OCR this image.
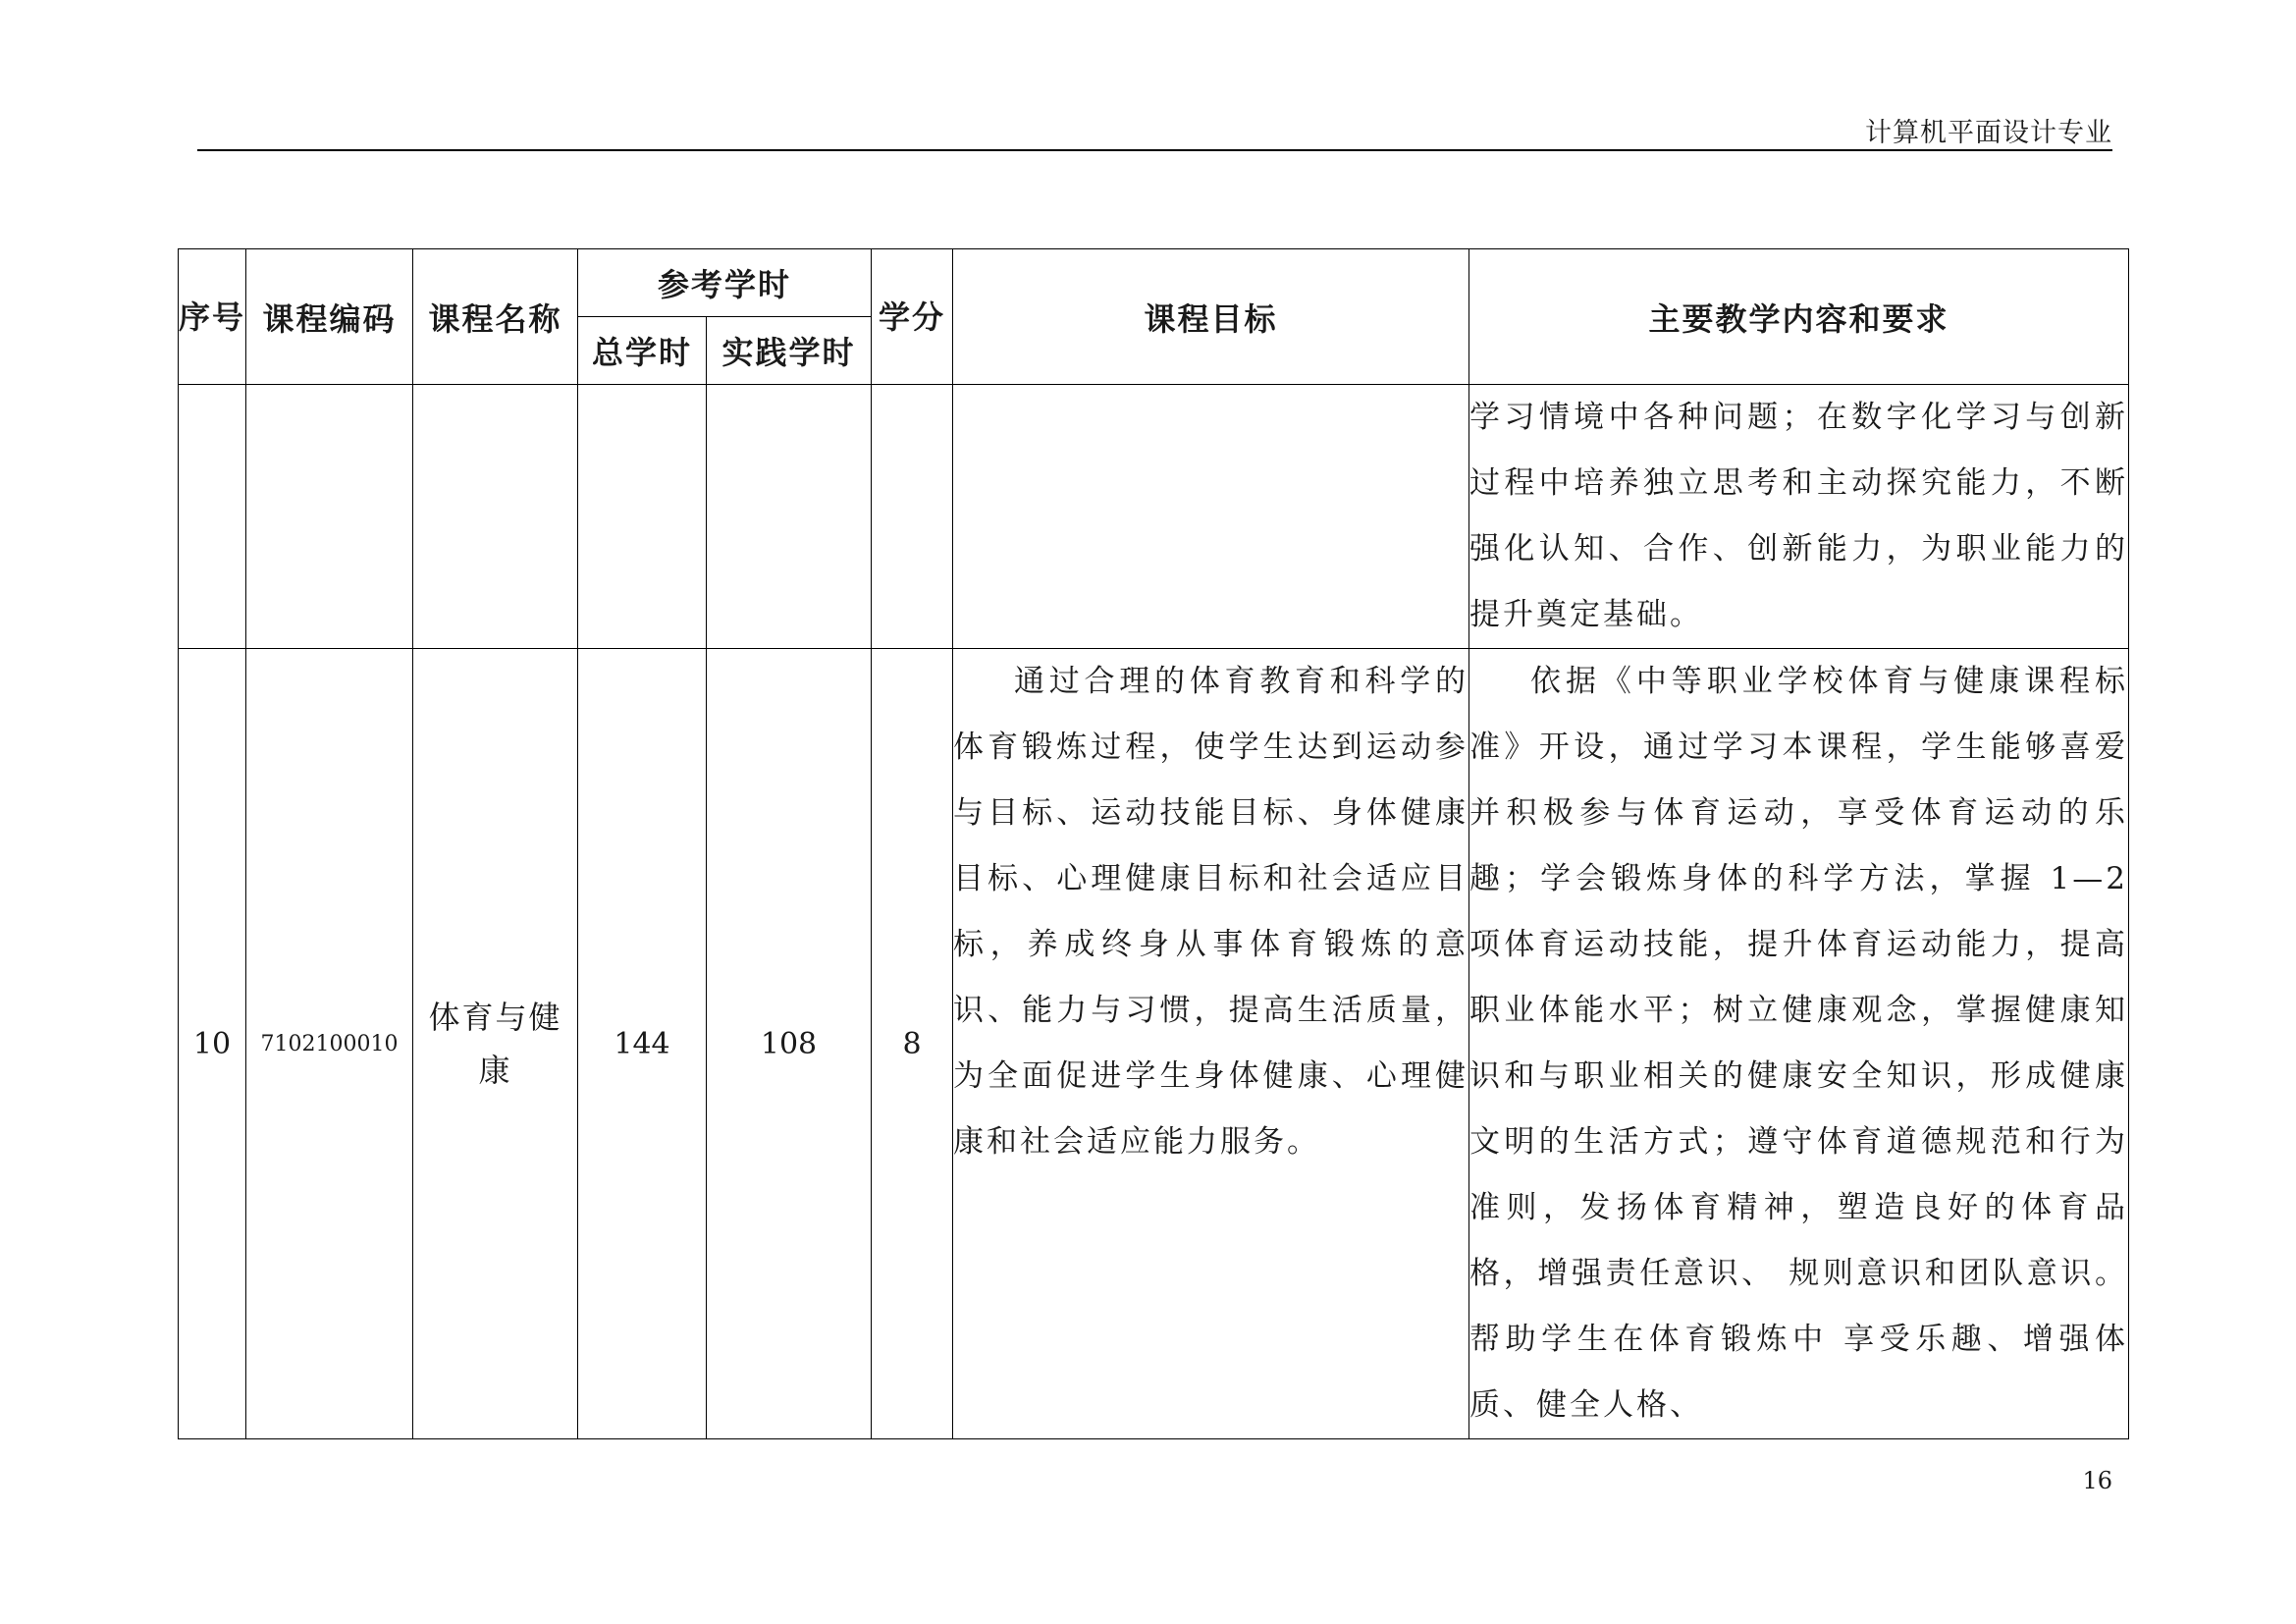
计算机平面设计专业
序号	课程编码	课程名称	参考学时		学分	课程目标	主要教学内容和要求
			总学时	实践学时			
							学习情境中各种问题；在数字化学习与创新过程中培养独立思考和主动探究能力，不断强化认知、合作、创新能力，为职业能力的提升奠定基础。
10	7102100010	体育与健康	144	108	8	通过合理的体育教育和科学的体育锻炼过程，使学生达到运动参与目标、运动技能目标、身体健康目标、心理健康目标和社会适应目标，养成终身从事体育锻炼的意识、能力与习惯，提高生活质量，为全面促进学生身体健康、心理健康和社会适应能力服务。	依据《中等职业学校体育与健康课程标准》开设，通过学习本课程，学生能够喜爱并积极参与体育运动，享受体育运动的乐趣；学会锻炼身体的科学方法，掌握 1—2 项体育运动技能，提升体育运动能力，提高职业体能水平；树立健康观念，掌握健康知识和与职业相关的健康安全知识，形成健康文明的生活方式；遵守体育道德规范和行为准则，发扬体育精神，塑造良好的体育品格，增强责任意识、 规则意识和团队意识。帮助学生在体育锻炼中 享受乐趣、增强体质、健全人格、
16
